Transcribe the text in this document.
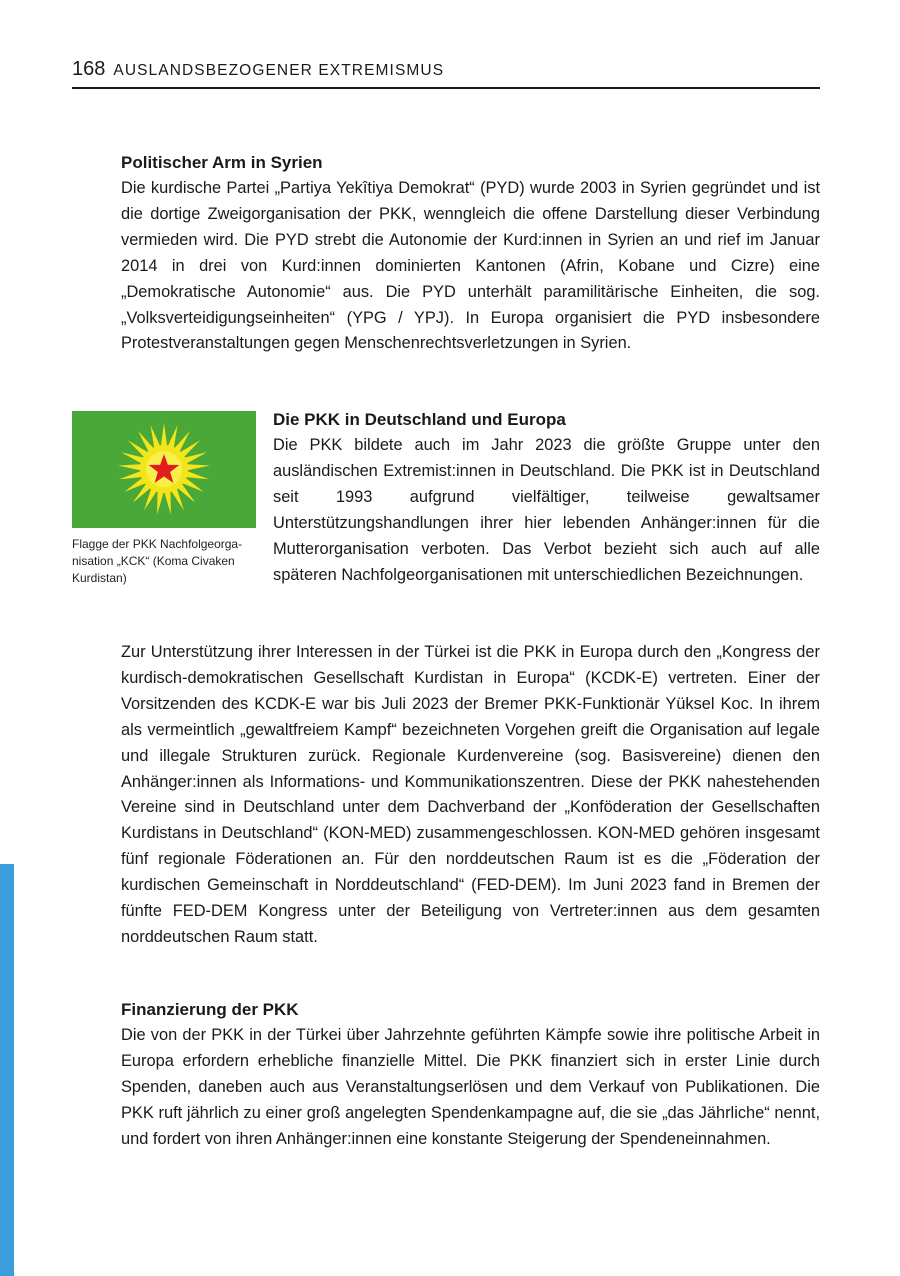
168 AUSLANDSBEZOGENER EXTREMISMUS
Politischer Arm in Syrien

Die kurdische Partei „Partiya Yekîtiya Demokrat“ (PYD) wurde 2003 in Syrien gegründet und ist die dortige Zweigorganisation der PKK, wenngleich die offene Darstellung dieser Verbindung vermieden wird. Die PYD strebt die Autonomie der Kurd:innen in Syrien an und rief im Januar 2014 in drei von Kurd:innen dominierten Kantonen (Afrin, Kobane und Cizre) eine „Demokratische Autonomie“ aus. Die PYD unterhält paramilitärische Einheiten, die sog. „Volksverteidigungseinheiten“ (YPG / YPJ). In Europa organisiert die PYD insbesondere Protestveranstaltungen gegen Menschenrechtsverletzungen in Syrien.

Flagge der PKK Nachfolgeorganisation „KCK“ (Koma Civaken Kurdistan)
Die PKK in Deutschland und Europa

Die PKK bildete auch im Jahr 2023 die größte Gruppe unter den ausländischen Extremist:innen in Deutschland. Die PKK ist in Deutschland seit 1993 aufgrund vielfältiger, teilweise gewaltsamer Unterstützungshandlungen ihrer hier lebenden Anhänger:innen für die Mutterorganisation verboten. Das Verbot bezieht sich auch auf alle späteren Nachfolgeorganisationen mit unterschiedlichen Bezeichnungen.

Zur Unterstützung ihrer Interessen in der Türkei ist die PKK in Europa durch den „Kongress der kurdisch-demokratischen Gesellschaft Kurdistan in Europa“ (KCDK-E) vertreten. Einer der Vorsitzenden des KCDK-E war bis Juli 2023 der Bremer PKK-Funktionär Yüksel Koc. In ihrem als vermeintlich „gewaltfreiem Kampf“ bezeichneten Vorgehen greift die Organisation auf legale und illegale Strukturen zurück. Regionale Kurdenvereine (sog. Basisvereine) dienen den Anhänger:innen als Informations- und Kommunikationszentren. Diese der PKK nahestehenden Vereine sind in Deutschland unter dem Dachverband der „Konföderation der Gesellschaften Kurdistans in Deutschland“ (KON-MED) zusammengeschlossen. KON-MED gehören insgesamt fünf regionale Föderationen an. Für den norddeutschen Raum ist es die „Föderation der kurdischen Gemeinschaft in Norddeutschland“ (FED-DEM). Im Juni 2023 fand in Bremen der fünfte FED-DEM Kongress unter der Beteiligung von Vertreter:innen aus dem gesamten norddeutschen Raum statt.

Finanzierung der PKK

Die von der PKK in der Türkei über Jahrzehnte geführten Kämpfe sowie ihre politische Arbeit in Europa erfordern erhebliche finanzielle Mittel. Die PKK finanziert sich in erster Linie durch Spenden, daneben auch aus Veranstaltungserlösen und dem Verkauf von Publikationen. Die PKK ruft jährlich zu einer groß angelegten Spendenkampagne auf, die sie „das Jährliche“ nennt, und fordert von ihren Anhänger:innen eine konstante Steigerung der Spendeneinnahmen.
